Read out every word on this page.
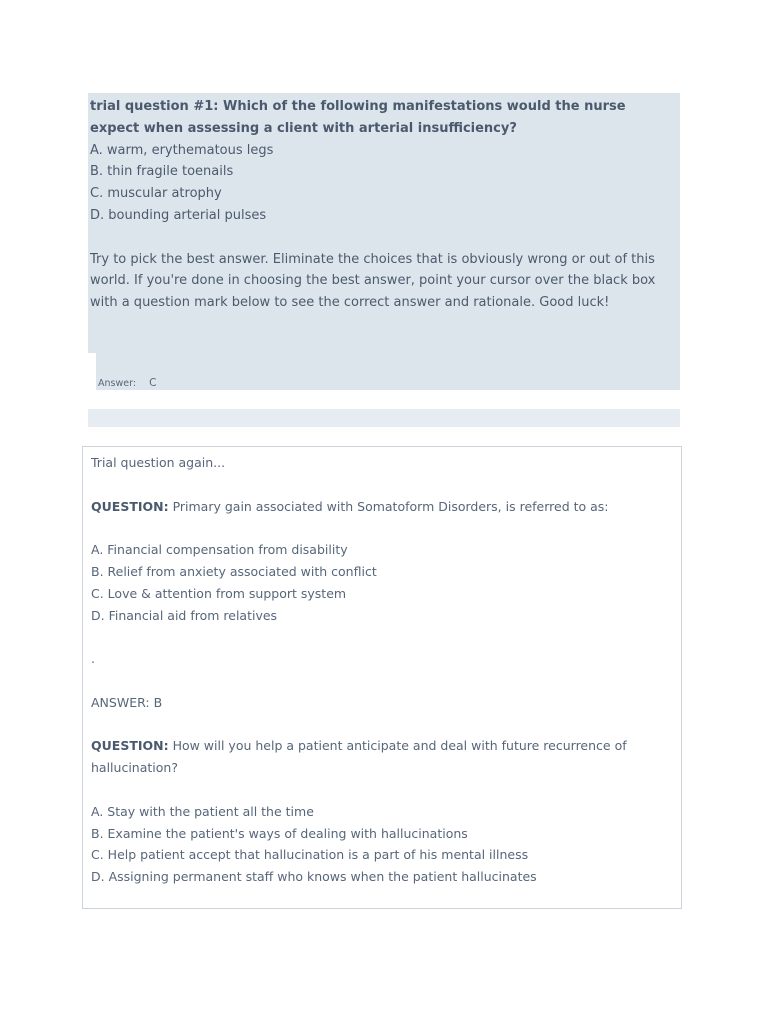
trial question #1: Which of the following manifestations would the nurse expect when assessing a client with arterial insufficiency?
A. warm, erythematous legs
B. thin fragile toenails
C. muscular atrophy
D. bounding arterial pulses
Try to pick the best answer. Eliminate the choices that is obviously wrong or out of this world. If you're done in choosing the best answer, point your cursor over the black box with a question mark below to see the correct answer and rationale. Good luck!
Answer: C
Trial question again...
QUESTION: Primary gain associated with Somatoform Disorders, is referred to as:
A. Financial compensation from disability
B. Relief from anxiety associated with conflict
C. Love & attention from support system
D. Financial aid from relatives
.
ANSWER: B
QUESTION: How will you help a patient anticipate and deal with future recurrence of hallucination?
A. Stay with the patient all the time
B. Examine the patient's ways of dealing with hallucinations
C. Help patient accept that hallucination is a part of his mental illness
D. Assigning permanent staff who knows when the patient hallucinates
